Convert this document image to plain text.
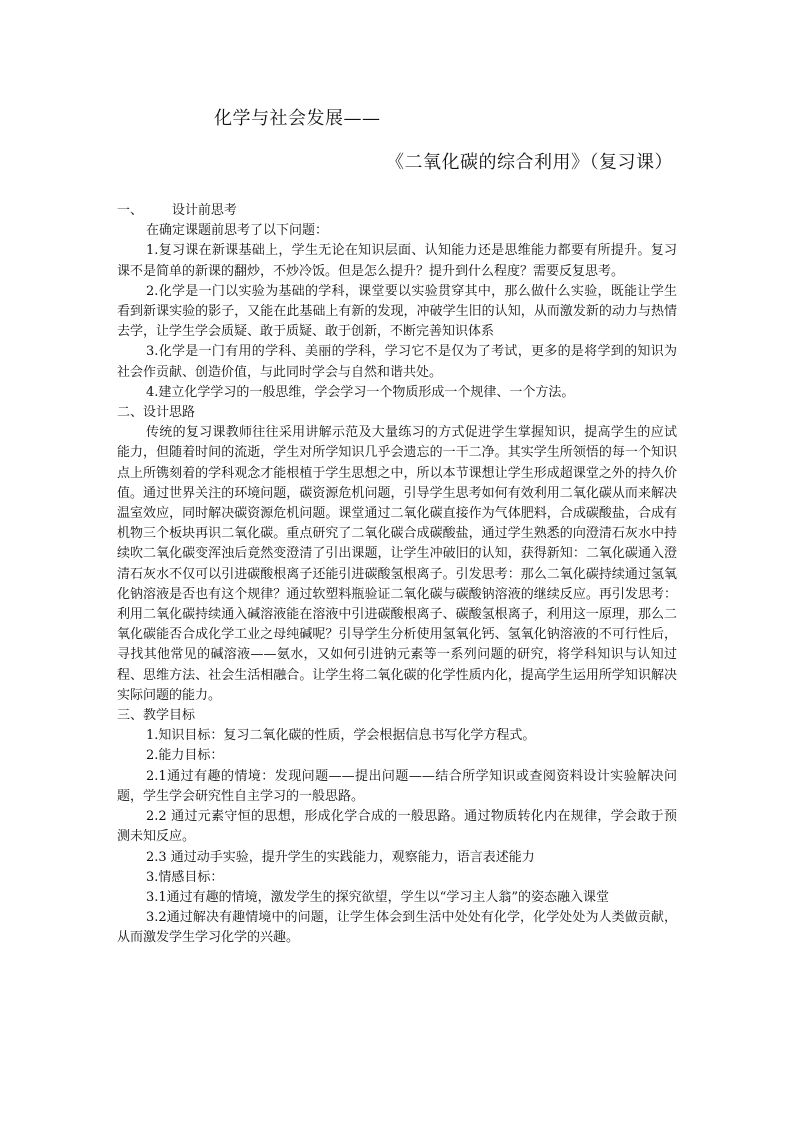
化学与社会发展——
《二氧化碳的综合利用》（复习课）

一、       设计前思考

在确定课题前思考了以下问题：

1.复习课在新课基础上，学生无论在知识层面、认知能力还是思维能力都要有所提升。复习课不是简单的新课的翻炒，不炒冷饭。但是怎么提升？提升到什么程度？需要反复思考。

2.化学是一门以实验为基础的学科，课堂要以实验贯穿其中，那么做什么实验，既能让学生看到新课实验的影子，又能在此基础上有新的发现，冲破学生旧的认知，从而激发新的动力与热情去学，让学生学会质疑、敢于质疑、敢于创新，不断完善知识体系

3.化学是一门有用的学科、美丽的学科，学习它不是仅为了考试，更多的是将学到的知识为社会作贡献、创造价值，与此同时学会与自然和谐共处。

4.建立化学学习的一般思维，学会学习一个物质形成一个规律、一个方法。

二、设计思路

传统的复习课教师往往采用讲解示范及大量练习的方式促进学生掌握知识，提高学生的应试能力，但随着时间的流逝，学生对所学知识几乎会遗忘的一干二净。其实学生所领悟的每一个知识点上所镌刻着的学科观念才能根植于学生思想之中，所以本节课想让学生形成超课堂之外的持久价值。通过世界关注的环境问题，碳资源危机问题，引导学生思考如何有效利用二氧化碳从而来解决温室效应，同时解决碳资源危机问题。课堂通过二氧化碳直接作为气体肥料，合成碳酸盐，合成有机物三个板块再识二氧化碳。重点研究了二氧化碳合成碳酸盐，通过学生熟悉的向澄清石灰水中持续吹二氧化碳变浑浊后竟然变澄清了引出课题，让学生冲破旧的认知，获得新知：二氧化碳通入澄清石灰水不仅可以引进碳酸根离子还能引进碳酸氢根离子。引发思考：那么二氧化碳持续通过氢氧化钠溶液是否也有这个规律？通过软塑料瓶验证二氧化碳与碳酸钠溶液的继续反应。再引发思考：利用二氧化碳持续通入碱溶液能在溶液中引进碳酸根离子、碳酸氢根离子，利用这一原理，那么二氧化碳能否合成化学工业之母纯碱呢？引导学生分析使用氢氧化钙、氢氧化钠溶液的不可行性后，寻找其他常见的碱溶液——氨水，又如何引进钠元素等一系列问题的研究，将学科知识与认知过程、思维方法、社会生活相融合。让学生将二氧化碳的化学性质内化，提高学生运用所学知识解决实际问题的能力。

三、教学目标

1.知识目标：复习二氧化碳的性质，学会根据信息书写化学方程式。

2.能力目标：

2.1通过有趣的情境：发现问题——提出问题——结合所学知识或查阅资料设计实验解决问题，学生学会研究性自主学习的一般思路。

2.2 通过元素守恒的思想，形成化学合成的一般思路。通过物质转化内在规律，学会敢于预测未知反应。

2.3 通过动手实验，提升学生的实践能力，观察能力，语言表述能力

3.情感目标：

3.1通过有趣的情境，激发学生的探究欲望，学生以“学习主人翁”的姿态融入课堂

3.2通过解决有趣情境中的问题，让学生体会到生活中处处有化学，化学处处为人类做贡献，从而激发学生学习化学的兴趣。
